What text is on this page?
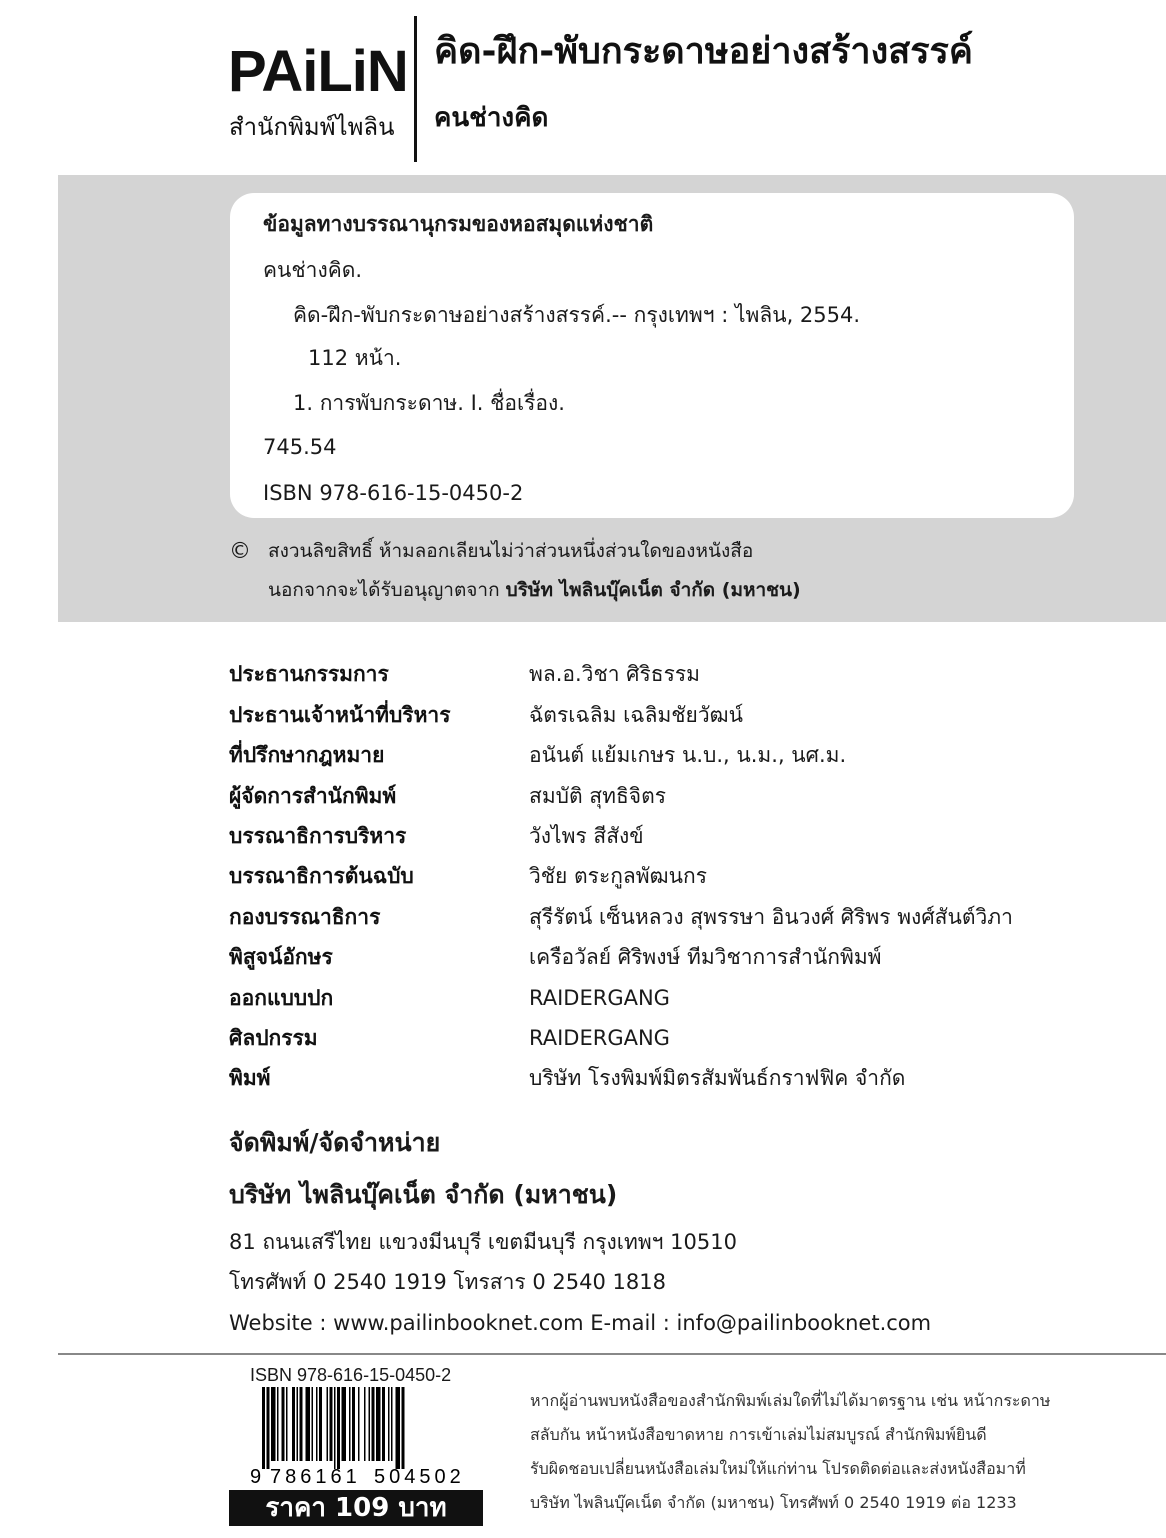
PAiLiN
สำนักพิมพ์ไพลิน
คิด-ฝึก-พับกระดาษอย่างสร้างสรรค์
คนช่างคิด
ข้อมูลทางบรรณานุกรมของหอสมุดแห่งชาติ
คนช่างคิด.
คิด-ฝึก-พับกระดาษอย่างสร้างสรรค์.-- กรุงเทพฯ : ไพลิน, 2554.
112 หน้า.
1. การพับกระดาษ. I. ชื่อเรื่อง.
745.54
ISBN 978-616-15-0450-2
© สงวนลิขสิทธิ์ ห้ามลอกเลียนไม่ว่าส่วนหนึ่งส่วนใดของหนังสือ
นอกจากจะได้รับอนุญาตจาก บริษัท ไพลินบุ๊คเน็ต จำกัด (มหาชน)
ประธานกรรมการ	พล.อ.วิชา ศิริธรรม
ประธานเจ้าหน้าที่บริหาร	ฉัตรเฉลิม เฉลิมชัยวัฒน์
ที่ปรึกษากฎหมาย	อนันต์ แย้มเกษร น.บ., น.ม., นศ.ม.
ผู้จัดการสำนักพิมพ์	สมบัติ สุทธิจิตร
บรรณาธิการบริหาร	วังไพร สีสังข์
บรรณาธิการต้นฉบับ	วิชัย ตระกูลพัฒนกร
กองบรรณาธิการ	สุรีรัตน์ เซ็นหลวง สุพรรษา อินวงศ์ ศิริพร พงศ์สันต์วิภา
พิสูจน์อักษร	เครือวัลย์ ศิริพงษ์ ทีมวิชาการสำนักพิมพ์
ออกแบบปก	RAIDERGANG
ศิลปกรรม	RAIDERGANG
พิมพ์	บริษัท โรงพิมพ์มิตรสัมพันธ์กราฟฟิค จำกัด
จัดพิมพ์/จัดจำหน่าย
บริษัท ไพลินบุ๊คเน็ต จำกัด (มหาชน)
81 ถนนเสรีไทย แขวงมีนบุรี เขตมีนบุรี กรุงเทพฯ 10510
โทรศัพท์ 0 2540 1919 โทรสาร 0 2540 1818
Website : www.pailinbooknet.com E-mail : info@pailinbooknet.com
ISBN 978-616-15-0450-2
9 786161 504502
ราคา 109 บาท
หากผู้อ่านพบหนังสือของสำนักพิมพ์เล่มใดที่ไม่ได้มาตรฐาน เช่น หน้ากระดาษ
สลับกัน หน้าหนังสือขาดหาย การเข้าเล่มไม่สมบูรณ์ สำนักพิมพ์ยินดี
รับผิดชอบเปลี่ยนหนังสือเล่มใหม่ให้แก่ท่าน โปรดติดต่อและส่งหนังสือมาที่
บริษัท ไพลินบุ๊คเน็ต จำกัด (มหาชน) โทรศัพท์ 0 2540 1919 ต่อ 1233
